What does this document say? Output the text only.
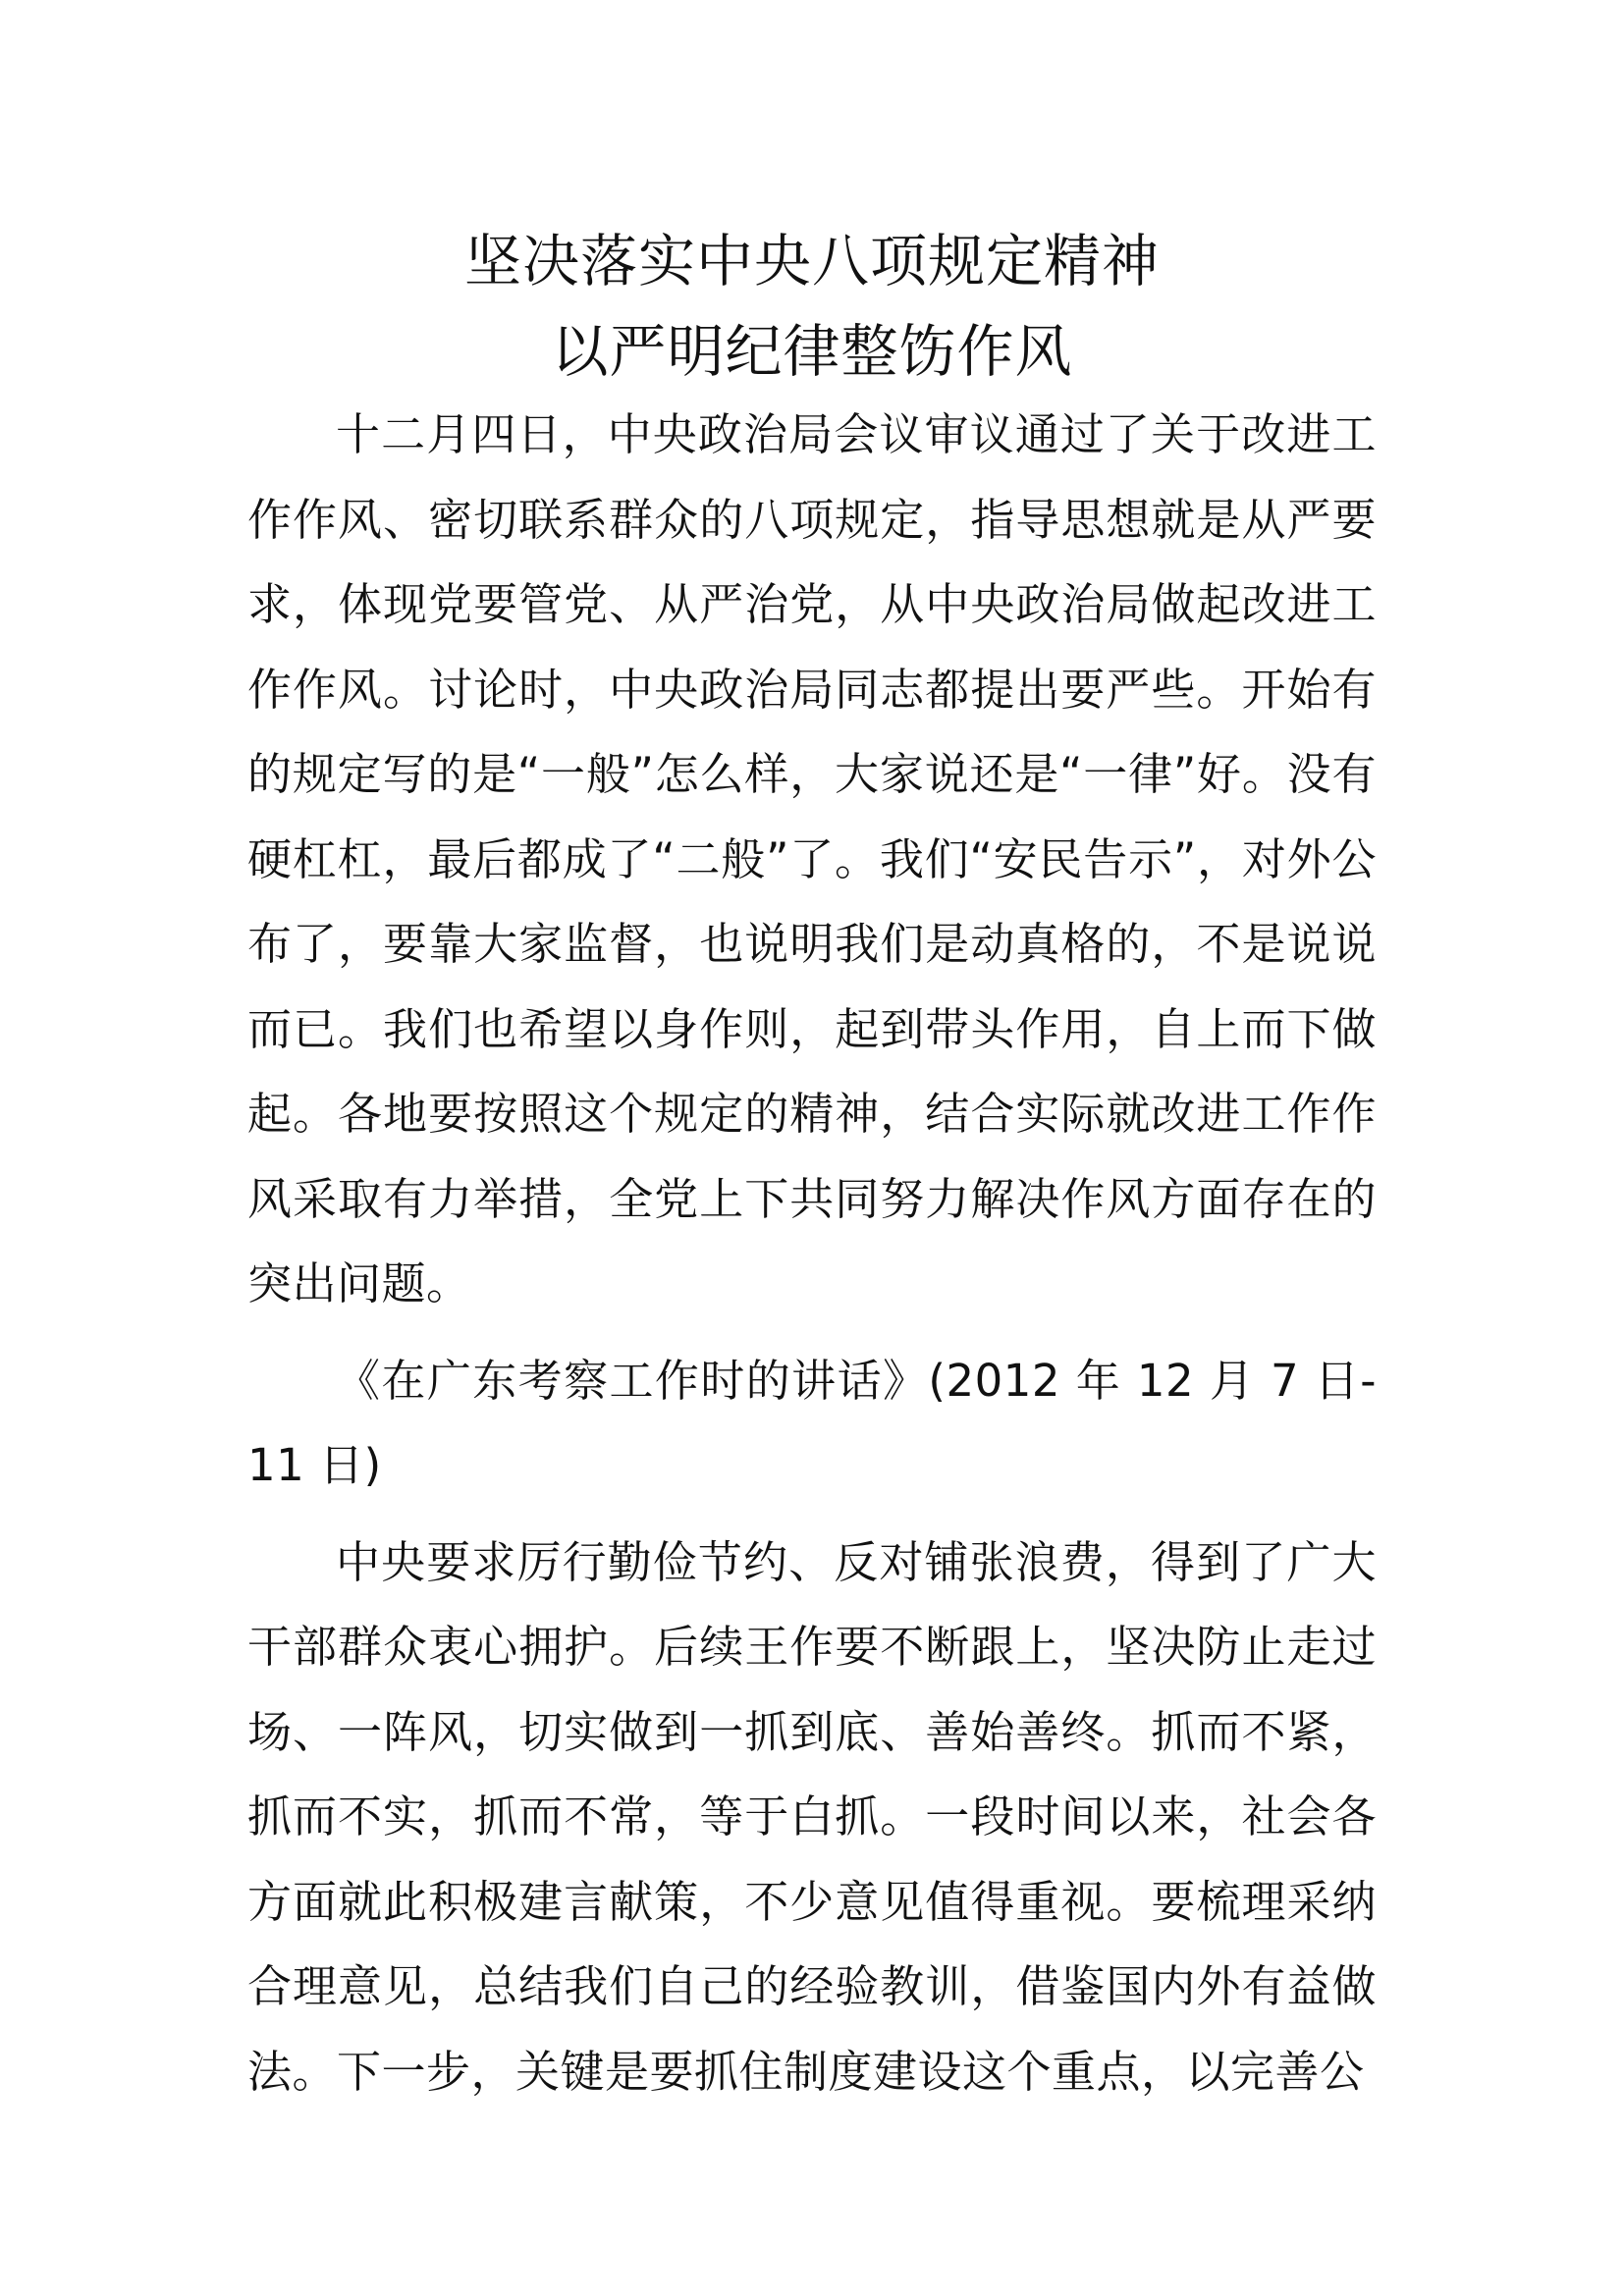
坚决落实中央八项规定精神
以严明纪律整饬作风

十二月四日，中央政治局会议审议通过了关于改进工作作风、密切联系群众的八项规定，指导思想就是从严要求，体现党要管党、从严治党，从中央政治局做起改进工作作风。讨论时，中央政治局同志都提出要严些。开始有的规定写的是“一般”怎么样，大家说还是“一律”好。没有硬杠杠，最后都成了“二般”了。我们“安民告示”，对外公布了，要靠大家监督，也说明我们是动真格的，不是说说而已。我们也希望以身作则，起到带头作用，自上而下做起。各地要按照这个规定的精神，结合实际就改进工作作风采取有力举措，全党上下共同努力解决作风方面存在的突出问题。

《在广东考察工作时的讲话》(2012 年 12 月 7 日-11 日)

中央要求厉行勤俭节约、反对铺张浪费，得到了广大干部群众衷心拥护。后续王作要不断跟上，坚决防止走过场、一阵风，切实做到一抓到底、善始善终。抓而不紧，抓而不实，抓而不常，等于白抓。一段时间以来，社会各方面就此积极建言献策，不少意见值得重视。要梳理采纳合理意见，总结我们自己的经验教训，借鉴国内外有益做法。下一步，关键是要抓住制度建设这个重点，以完善公
